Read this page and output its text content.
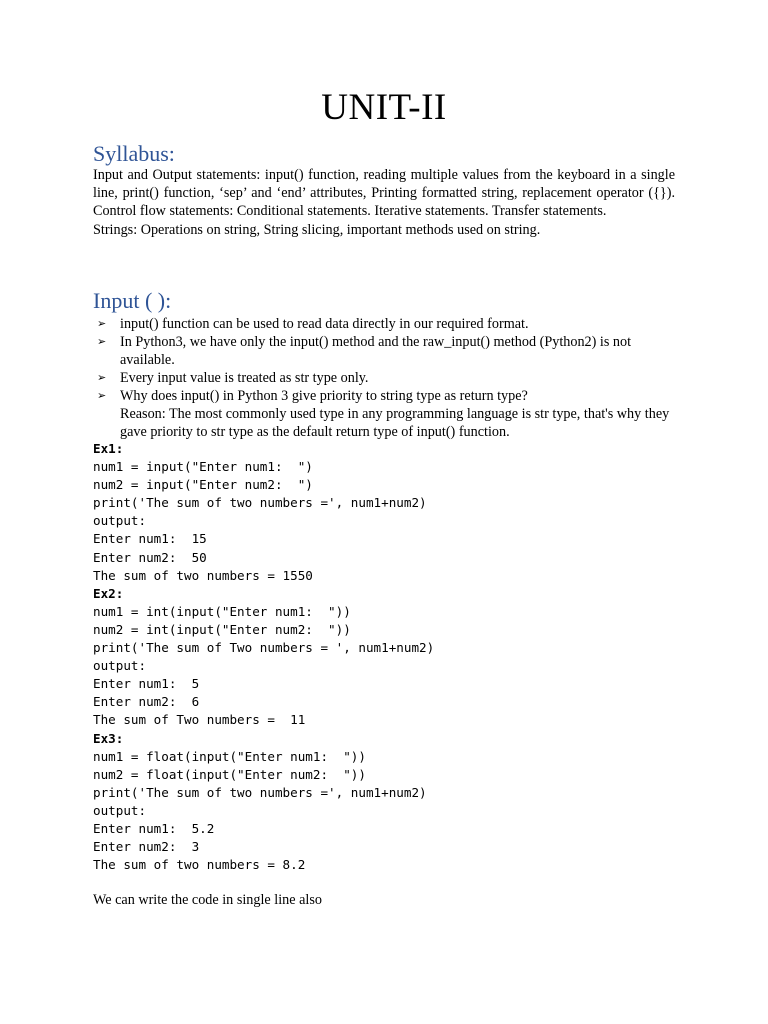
UNIT-II
Syllabus:

Input and Output statements: input() function, reading multiple values from the keyboard in a single line, print() function, ‘sep’ and ‘end’ attributes, Printing formatted string, replacement operator ({}). Control flow statements: Conditional statements. Iterative statements. Transfer statements.

Strings: Operations on string, String slicing, important methods used on string.

Input ( ):
➢ input() function can be used to read data directly in our required format.
➢ In Python3, we have only the input() method and the raw_input() method (Python2) is not available.
➢ Every input value is treated as str type only.
➢ Why does input() in Python 3 give priority to string type as return type?
Reason: The most commonly used type in any programming language is str type, that's why they gave priority to str type as the default return type of input() function.
Ex1:
num1 = input("Enter num1:  ")
num2 = input("Enter num2:  ")
print('The sum of two numbers =', num1+num2)
output:
Enter num1:  15
Enter num2:  50
The sum of two numbers = 1550
Ex2:
num1 = int(input("Enter num1:  "))
num2 = int(input("Enter num2:  "))
print('The sum of Two numbers = ', num1+num2)
output:
Enter num1:  5
Enter num2:  6
The sum of Two numbers =  11
Ex3:
num1 = float(input("Enter num1:  "))
num2 = float(input("Enter num2:  "))
print('The sum of two numbers =', num1+num2)
output:
Enter num1:  5.2
Enter num2:  3
The sum of two numbers = 8.2
We can write the code in single line also
